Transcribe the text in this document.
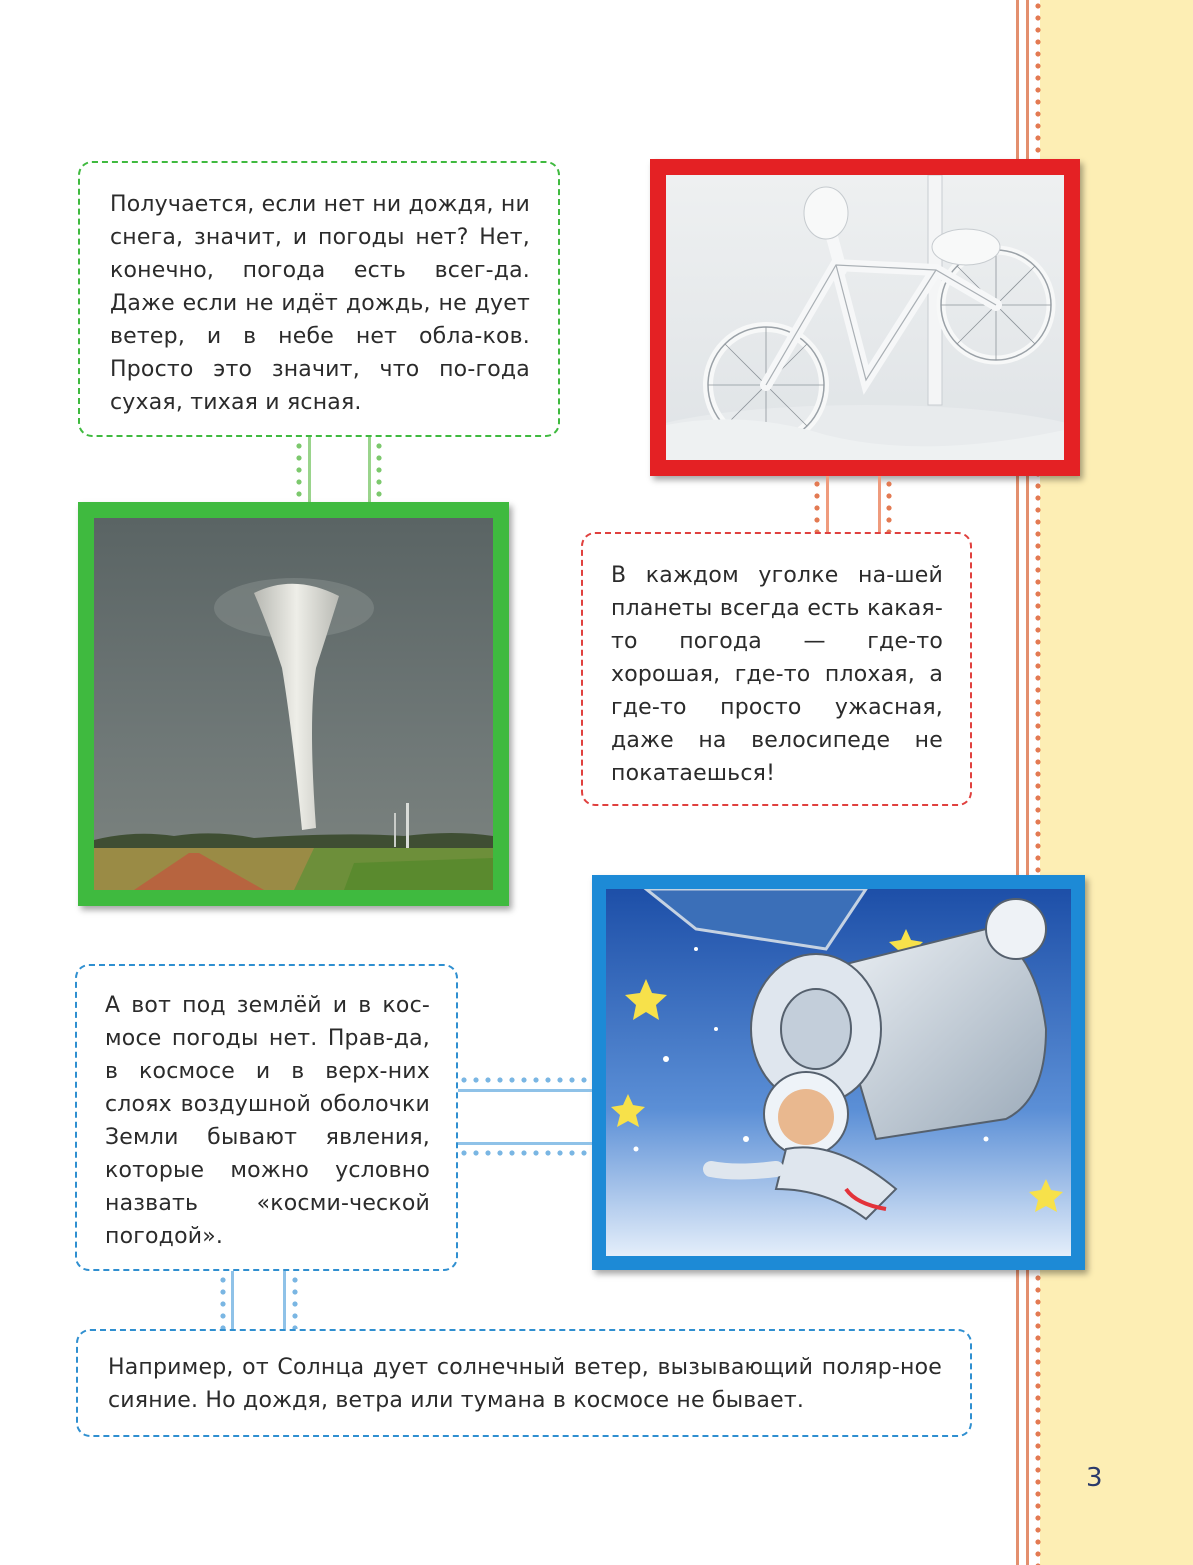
Получается, если нет ни дождя, ни снега, значит, и погоды нет? Нет, конечно, погода есть всег-да. Даже если не идёт дождь, не дует ветер, и в небе нет обла-ков. Просто это значит, что по-года сухая, тихая и ясная.

В каждом уголке на-шей планеты всегда есть какая-то погода — где-то хорошая, где-то плохая, а где-то просто ужасная, даже на велосипеде не покатаешься!

А вот под землёй и в кос-мосе погоды нет. Прав-да, в космосе и в верх-них слоях воздушной оболочки Земли бывают явления, которые можно условно назвать «косми-ческой погодой».

Например, от Солнца дует солнечный ветер, вызывающий поляр-ное сияние. Но дождя, ветра или тумана в космосе не бывает.

3
